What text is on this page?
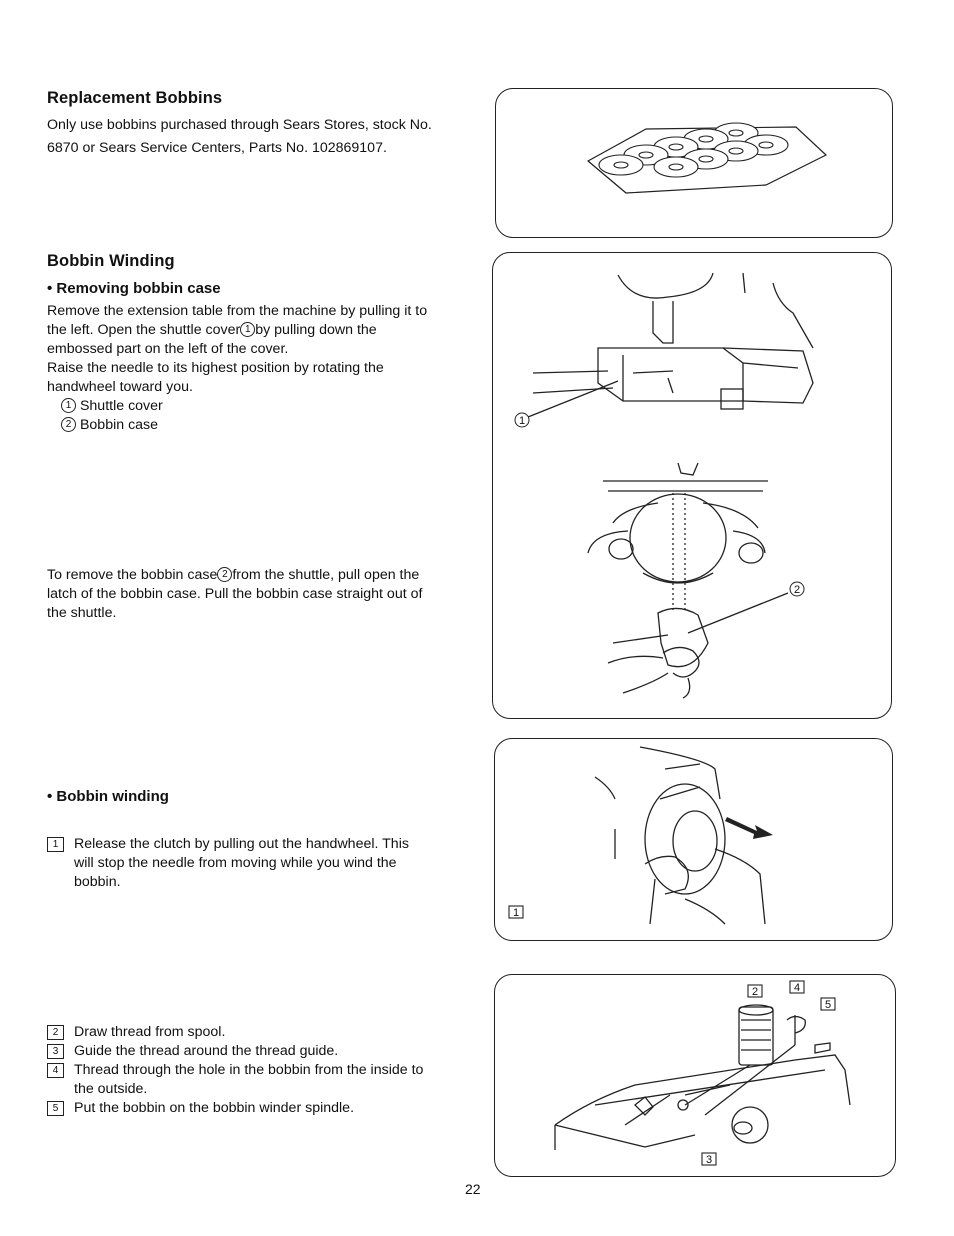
Replacement Bobbins
Only use bobbins purchased through Sears Stores, stock No.
6870 or Sears Service Centers, Parts No. 102869107.
Bobbin Winding
• Removing bobbin case
Remove the extension table from the machine by pulling it to
the left. Open the shuttle cover 1 by pulling down the
embossed part on the left of the cover.
Raise the needle to its highest position by rotating the
handwheel toward you.
1 Shuttle cover
2 Bobbin case
To remove the bobbin case 2 from the shuttle, pull open the
latch of the bobbin case. Pull the bobbin case straight out of
the shuttle.
• Bobbin winding
1	Release the clutch by pulling out the handwheel. This
will stop the needle from moving while you wind the
bobbin.
2	Draw thread from spool.
3	Guide the thread around the thread guide.
4	Thread through the hole in the bobbin from the inside to
the outside.
5	Put the bobbin on the bobbin winder spindle.
1
2
1
2	4
5
3
22
